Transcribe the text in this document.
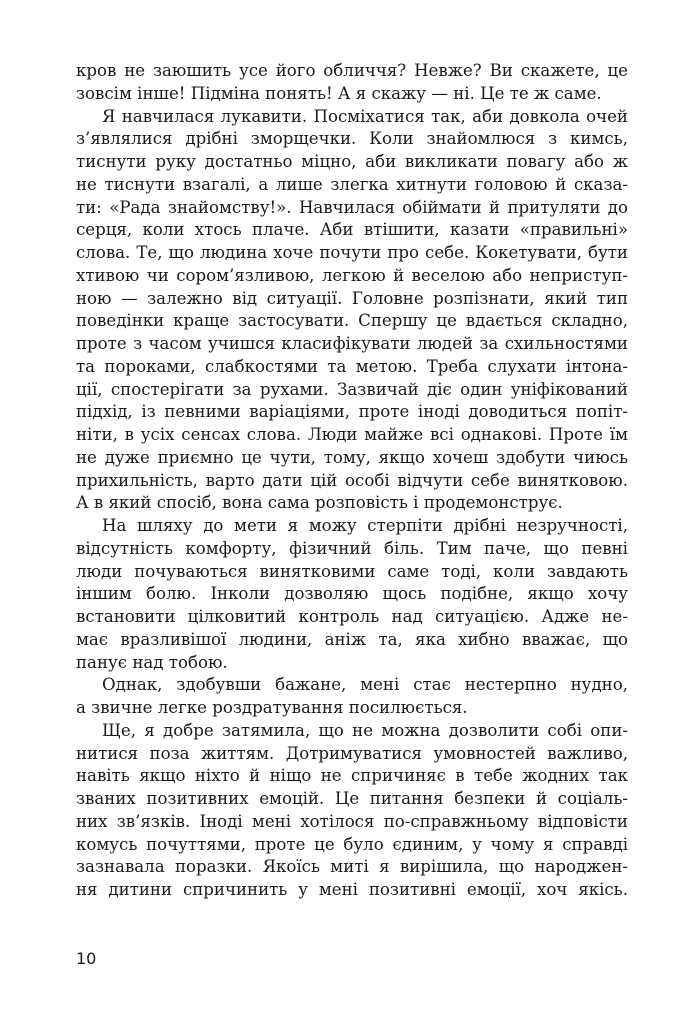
кров не заюшить усе його обличчя? Невже? Ви скажете, це
зовсім інше! Підміна понять! А я скажу — ні. Це те ж саме.
Я навчилася лукавити. Посміхатися так, аби довкола очей
з’являлися дрібні зморщечки. Коли знайомлюся з кимсь,
тиснути руку достатньо міцно, аби викликати повагу або ж
не тиснути взагалі, а лише злегка хитнути головою й сказа-
ти: «Рада знайомству!». Навчилася обіймати й притуляти до
серця, коли хтось плаче. Аби втішити, казати «правильні»
слова. Те, що людина хоче почути про себе. Кокетувати, бути
хтивою чи сором’язливою, легкою й веселою або неприступ-
ною — залежно від ситуації. Головне розпізнати, який тип
поведінки краще застосувати. Спершу це вдається складно,
проте з часом учишся класифікувати людей за схильностями
та пороками, слабкостями та метою. Треба слухати інтона-
ції, спостерігати за рухами. Зазвичай діє один уніфікований
підхід, із певними варіаціями, проте іноді доводиться попіт-
ніти, в усіх сенсах слова. Люди майже всі однакові. Проте їм
не дуже приємно це чути, тому, якщо хочеш здобути чиюсь
прихильність, варто дати цій особі відчути себе винятковою.
А в який спосіб, вона сама розповість і продемонструє.
На шляху до мети я можу стерпіти дрібні незручності,
відсутність комфорту, фізичний біль. Тим паче, що певні
люди почуваються винятковими саме тоді, коли завдають
іншим болю. Інколи дозволяю щось подібне, якщо хочу
встановити цілковитий контроль над ситуацією. Адже не-
має вразливішої людини, аніж та, яка хибно вважає, що
панує над тобою.
Однак, здобувши бажане, мені стає нестерпно нудно,
а звичне легке роздратування посилюється.
Ще, я добре затямила, що не можна дозволити собі опи-
нитися поза життям. Дотримуватися умовностей важливо,
навіть якщо ніхто й ніщо не спричиняє в тебе жодних так
званих позитивних емоцій. Це питання безпеки й соціаль-
них зв’язків. Іноді мені хотілося по-справжньому відповісти
комусь почуттями, проте це було єдиним, у чому я справді
зазнавала поразки. Якоїсь миті я вирішила, що народжен-
ня дитини спричинить у мені позитивні емоції, хоч якісь.
10
